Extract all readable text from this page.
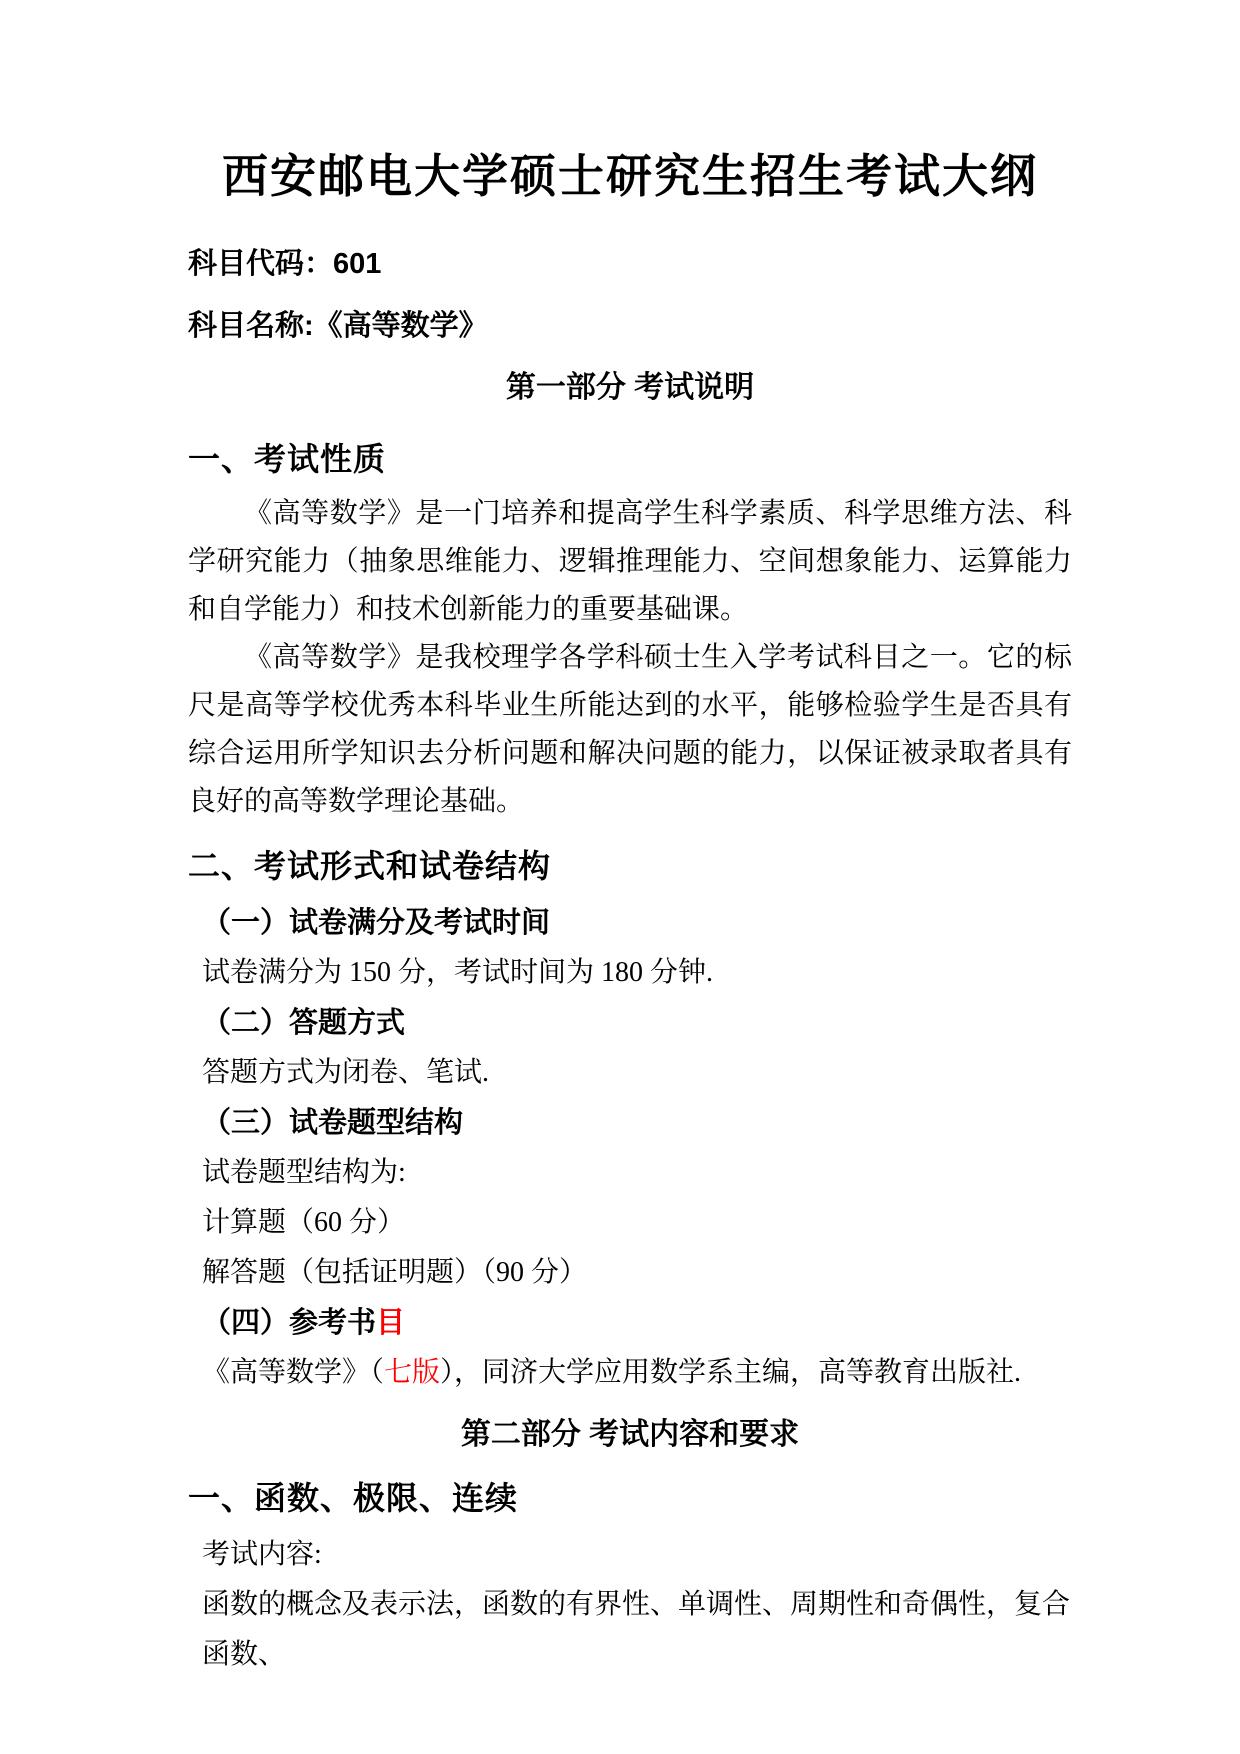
西安邮电大学硕士研究生招生考试大纲
科目代码：601
科目名称:《高等数学》
第一部分 考试说明
一、考试性质

《高等数学》是一门培养和提高学生科学素质、科学思维方法、科学研究能力（抽象思维能力、逻辑推理能力、空间想象能力、运算能力和自学能力）和技术创新能力的重要基础课。

《高等数学》是我校理学各学科硕士生入学考试科目之一。它的标尺是高等学校优秀本科毕业生所能达到的水平，能够检验学生是否具有综合运用所学知识去分析问题和解决问题的能力，以保证被录取者具有良好的高等数学理论基础。

二、考试形式和试卷结构
（一）试卷满分及考试时间
试卷满分为 150 分，考试时间为 180 分钟.
（二）答题方式
答题方式为闭卷、笔试.
（三）试卷题型结构
试卷题型结构为:
计算题（60 分）
解答题（包括证明题）（90 分）
（四）参考书目
《高等数学》（七版），同济大学应用数学系主编，高等教育出版社.
第二部分 考试内容和要求
一、函数、极限、连续
考试内容:
函数的概念及表示法，函数的有界性、单调性、周期性和奇偶性，复合函数、
